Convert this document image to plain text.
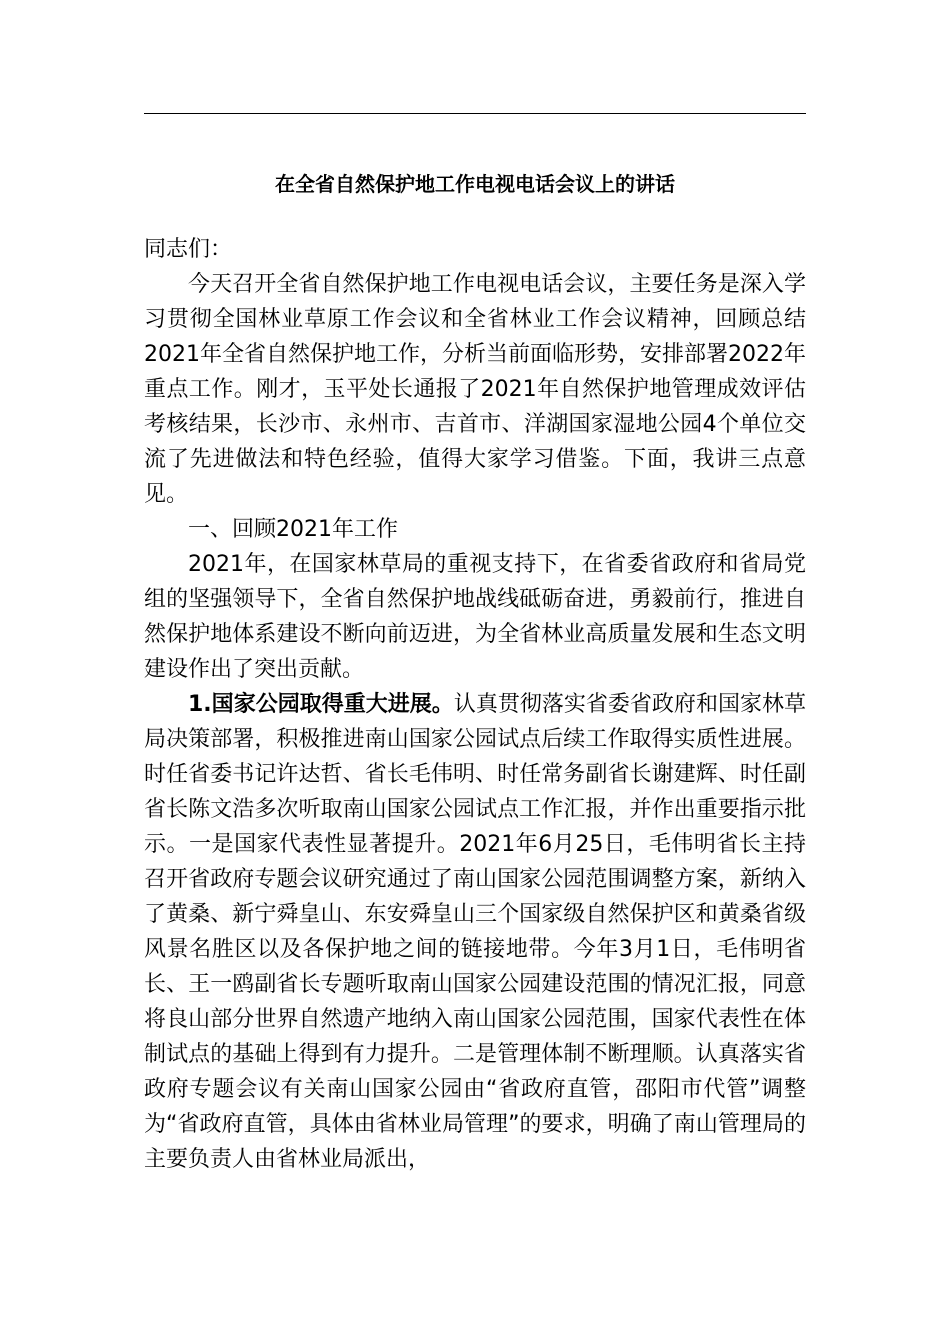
在全省自然保护地工作电视电话会议上的讲话

同志们：

今天召开全省自然保护地工作电视电话会议，主要任务是深入学习贯彻全国林业草原工作会议和全省林业工作会议精神，回顾总结2021年全省自然保护地工作，分析当前面临形势，安排部署2022年重点工作。刚才，玉平处长通报了2021年自然保护地管理成效评估考核结果，长沙市、永州市、吉首市、洋湖国家湿地公园4个单位交流了先进做法和特色经验，值得大家学习借鉴。下面，我讲三点意见。

一、回顾2021年工作

2021年，在国家林草局的重视支持下，在省委省政府和省局党组的坚强领导下，全省自然保护地战线砥砺奋进，勇毅前行，推进自然保护地体系建设不断向前迈进，为全省林业高质量发展和生态文明建设作出了突出贡献。

1.国家公园取得重大进展。认真贯彻落实省委省政府和国家林草局决策部署，积极推进南山国家公园试点后续工作取得实质性进展。时任省委书记许达哲、省长毛伟明、时任常务副省长谢建辉、时任副省长陈文浩多次听取南山国家公园试点工作汇报，并作出重要指示批示。一是国家代表性显著提升。2021年6月25日，毛伟明省长主持召开省政府专题会议研究通过了南山国家公园范围调整方案，新纳入了黄桑、新宁舜皇山、东安舜皇山三个国家级自然保护区和黄桑省级风景名胜区以及各保护地之间的链接地带。今年3月1日，毛伟明省长、王一鸥副省长专题听取南山国家公园建设范围的情况汇报，同意将良山部分世界自然遗产地纳入南山国家公园范围，国家代表性在体制试点的基础上得到有力提升。二是管理体制不断理顺。认真落实省政府专题会议有关南山国家公园由“省政府直管，邵阳市代管”调整为“省政府直管，具体由省林业局管理”的要求，明确了南山管理局的主要负责人由省林业局派出，
